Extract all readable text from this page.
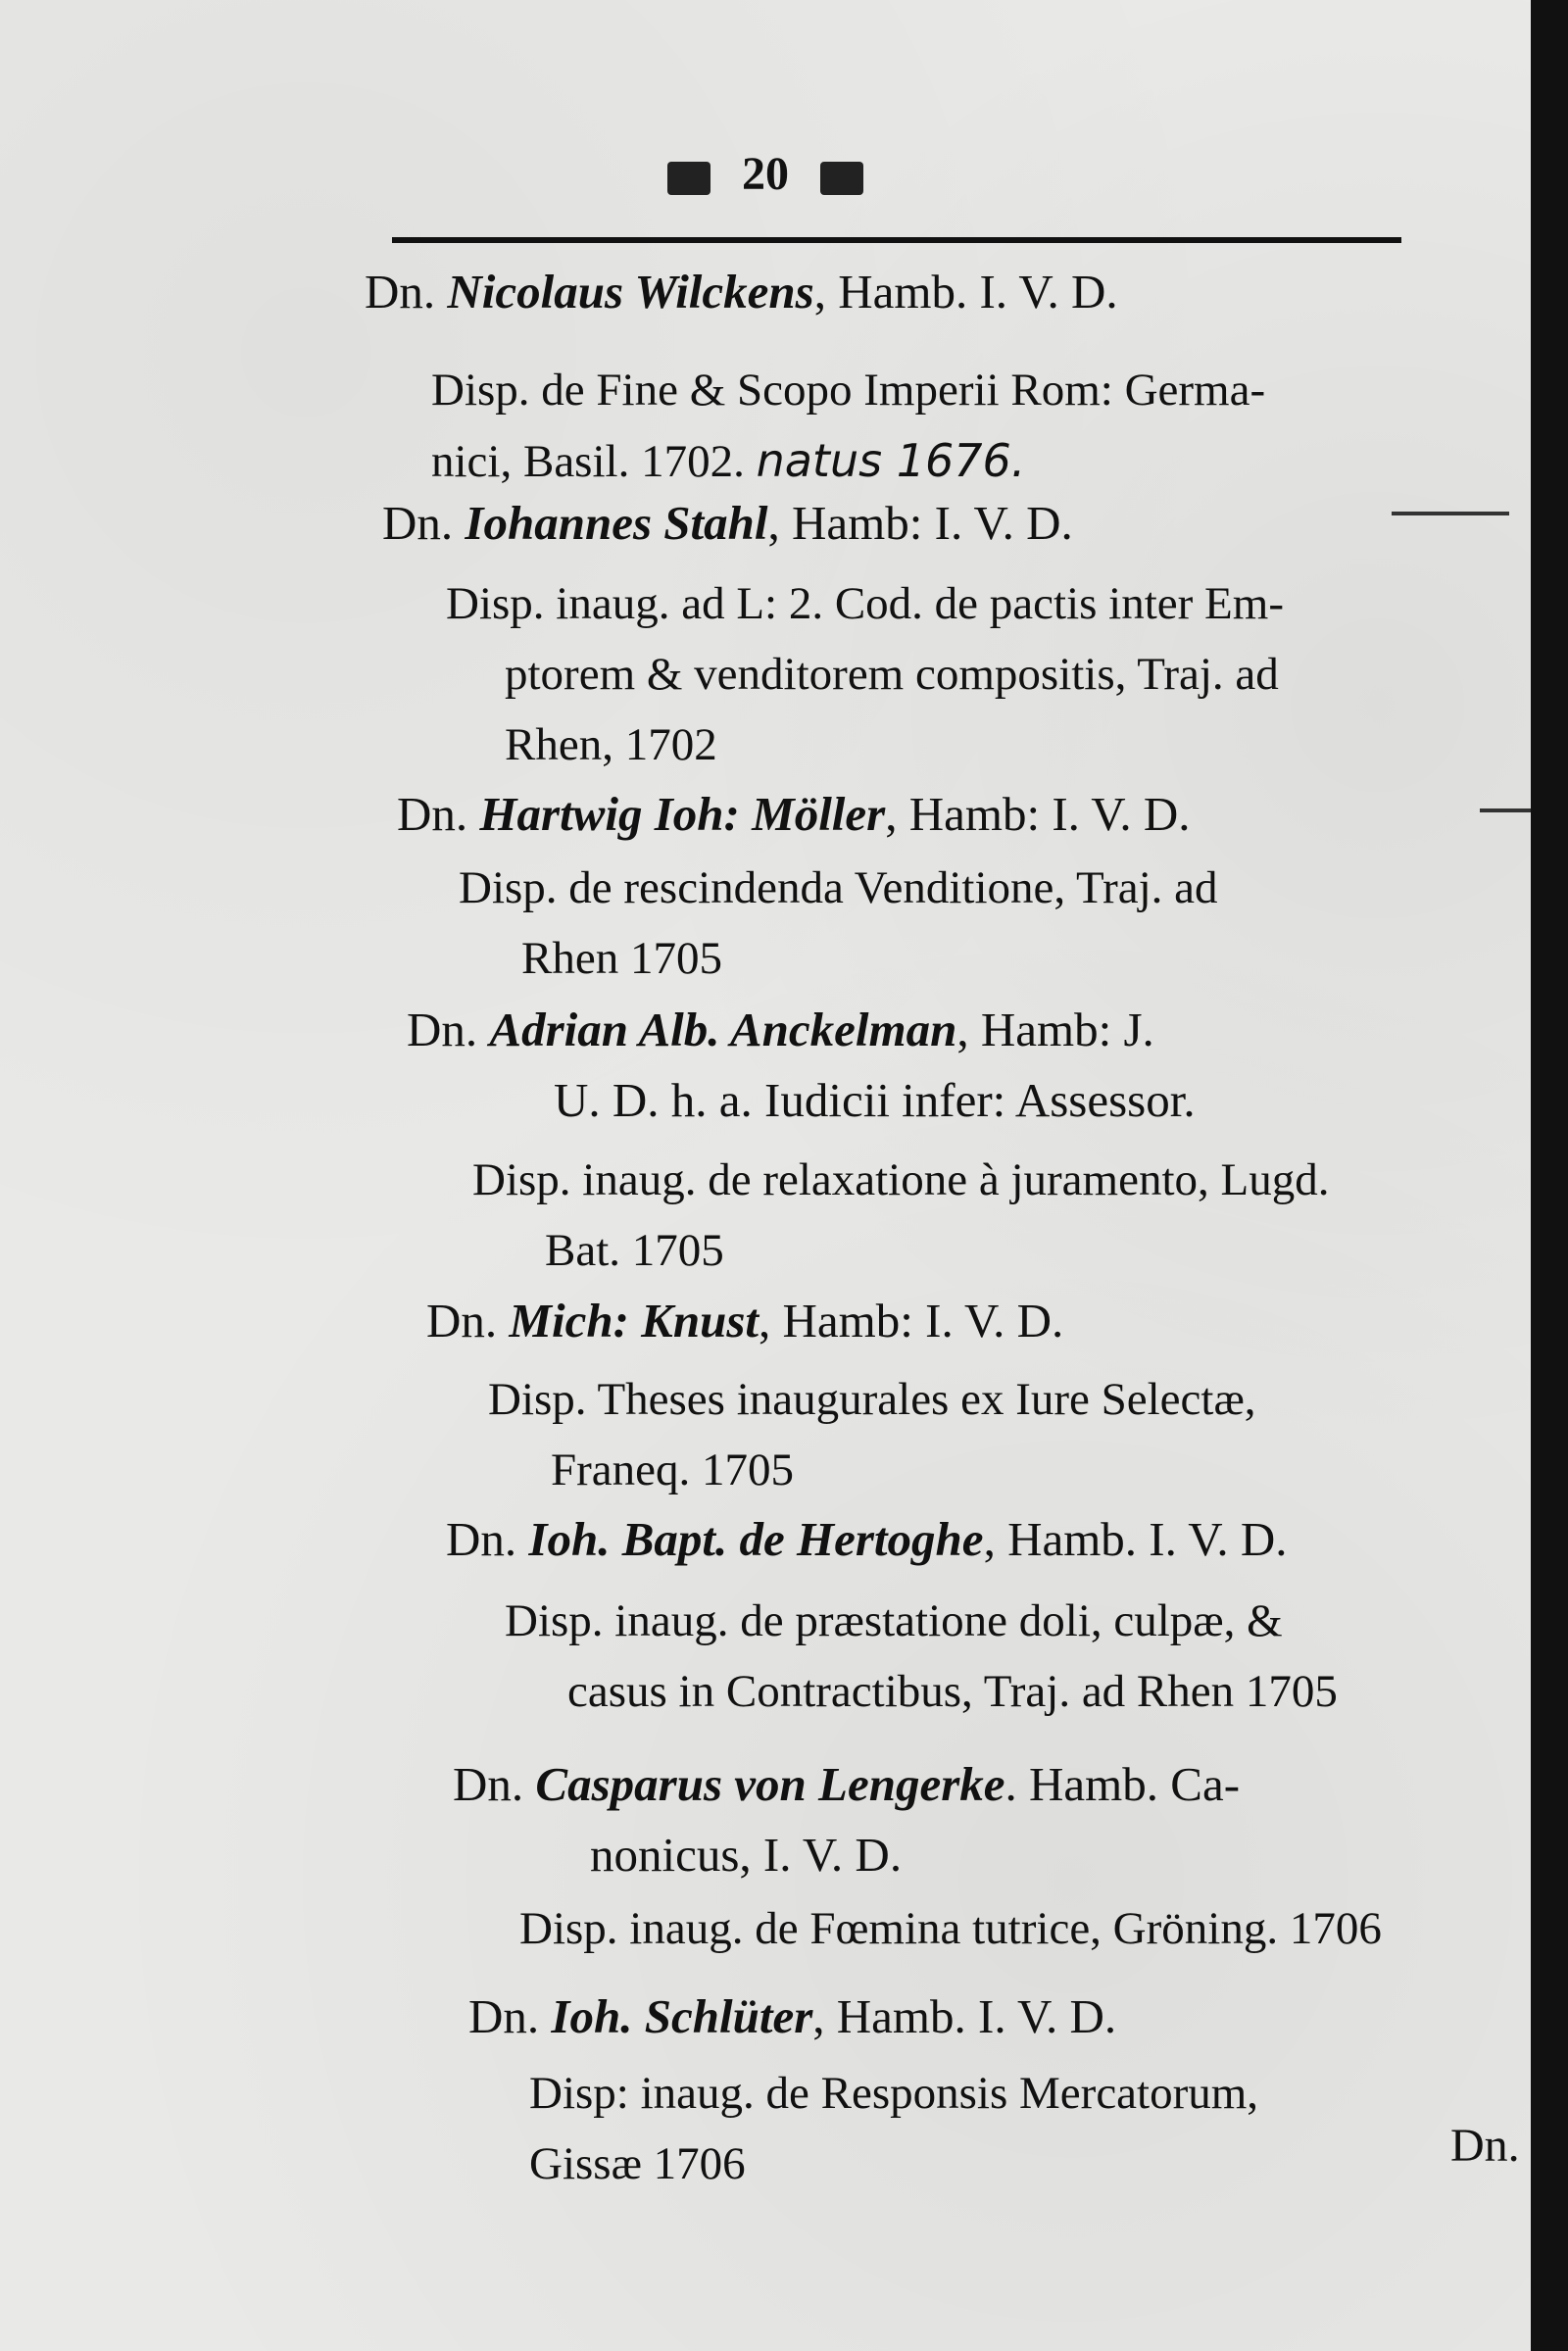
20
Dn. Nicolaus Wilckens, Hamb. I. V. D.
Disp. de Fine & Scopo Imperii Rom: Germa-
nici, Basil. 1702. natus 1676.
Dn. Iohannes Stahl, Hamb: I. V. D.
Disp. inaug. ad L: 2. Cod. de pactis inter Em-
ptorem & venditorem compositis, Traj. ad
Rhen, 1702
Dn. Hartwig Ioh: Möller, Hamb: I. V. D.
Disp. de rescindenda Venditione, Traj. ad
Rhen 1705
Dn. Adrian Alb. Anckelman, Hamb: J.
U. D. h. a. Iudicii infer: Assessor.
Disp. inaug. de relaxatione à juramento, Lugd.
Bat. 1705
Dn. Mich: Knust, Hamb: I. V. D.
Disp. Theses inaugurales ex Iure Selectæ,
Franeq. 1705
Dn. Ioh. Bapt. de Hertoghe, Hamb. I. V. D.
Disp. inaug. de præstatione doli, culpæ, &
casus in Contractibus, Traj. ad Rhen 1705
Dn. Casparus von Lengerke. Hamb. Ca-
nonicus, I. V. D.
Disp. inaug. de Fœmina tutrice, Gröning. 1706
Dn. Ioh. Schlüter, Hamb. I. V. D.
Disp: inaug. de Responsis Mercatorum,
Gissæ 1706	Dn.
